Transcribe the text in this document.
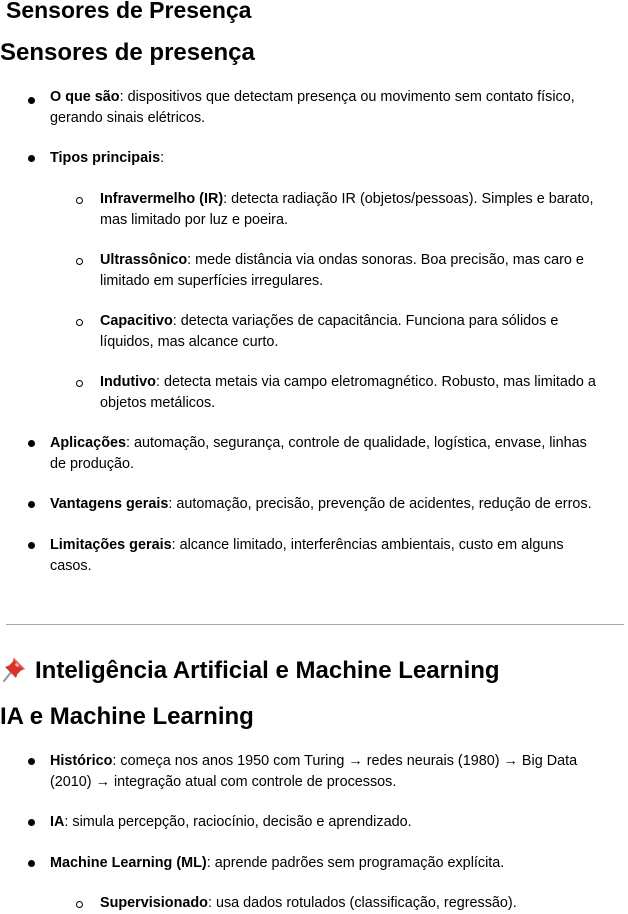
Sensores de Presença
Sensores de presença
O que são: dispositivos que detectam presença ou movimento sem contato físico,
gerando sinais elétricos.
Tipos principais:
Infravermelho (IR): detecta radiação IR (objetos/pessoas). Simples e barato,
mas limitado por luz e poeira.
Ultrassônico: mede distância via ondas sonoras. Boa precisão, mas caro e
limitado em superfícies irregulares.
Capacitivo: detecta variações de capacitância. Funciona para sólidos e
líquidos, mas alcance curto.
Indutivo: detecta metais via campo eletromagnético. Robusto, mas limitado a
objetos metálicos.
Aplicações: automação, segurança, controle de qualidade, logística, envase, linhas
de produção.
Vantagens gerais: automação, precisão, prevenção de acidentes, redução de erros.
Limitações gerais: alcance limitado, interferências ambientais, custo em alguns
casos.
Inteligência Artificial e Machine Learning
IA e Machine Learning
Histórico: começa nos anos 1950 com Turing → redes neurais (1980) → Big Data
(2010) → integração atual com controle de processos.
IA: simula percepção, raciocínio, decisão e aprendizado.
Machine Learning (ML): aprende padrões sem programação explícita.
Supervisionado: usa dados rotulados (classificação, regressão).
